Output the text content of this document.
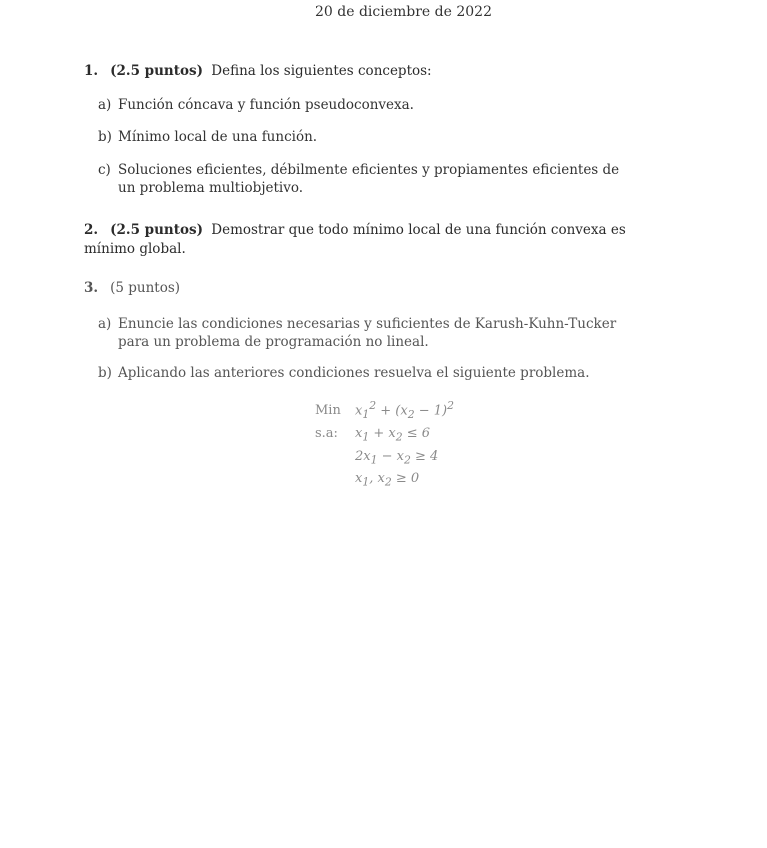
20 de diciembre de 2022
1. (2.5 puntos) Defina los siguientes conceptos:
a) Función cóncava y función pseudoconvexa.
b) Mínimo local de una función.
c) Soluciones eficientes, débilmente eficientes y propiamentes eficientes de un problema multiobjetivo.
2. (2.5 puntos) Demostrar que todo mínimo local de una función convexa es mínimo global.
3. (5 puntos)
a) Enuncie las condiciones necesarias y suficientes de Karush-Kuhn-Tucker para un problema de programación no lineal.
b) Aplicando las anteriores condiciones resuelva el siguiente problema.
Min $x_1^2 + (x_2 - 1)^2$
s.a: $x_1 + x_2 \le 6$
$2x_1 - x_2 \ge 4$
$x_1$, $x_2 \ge 0$
